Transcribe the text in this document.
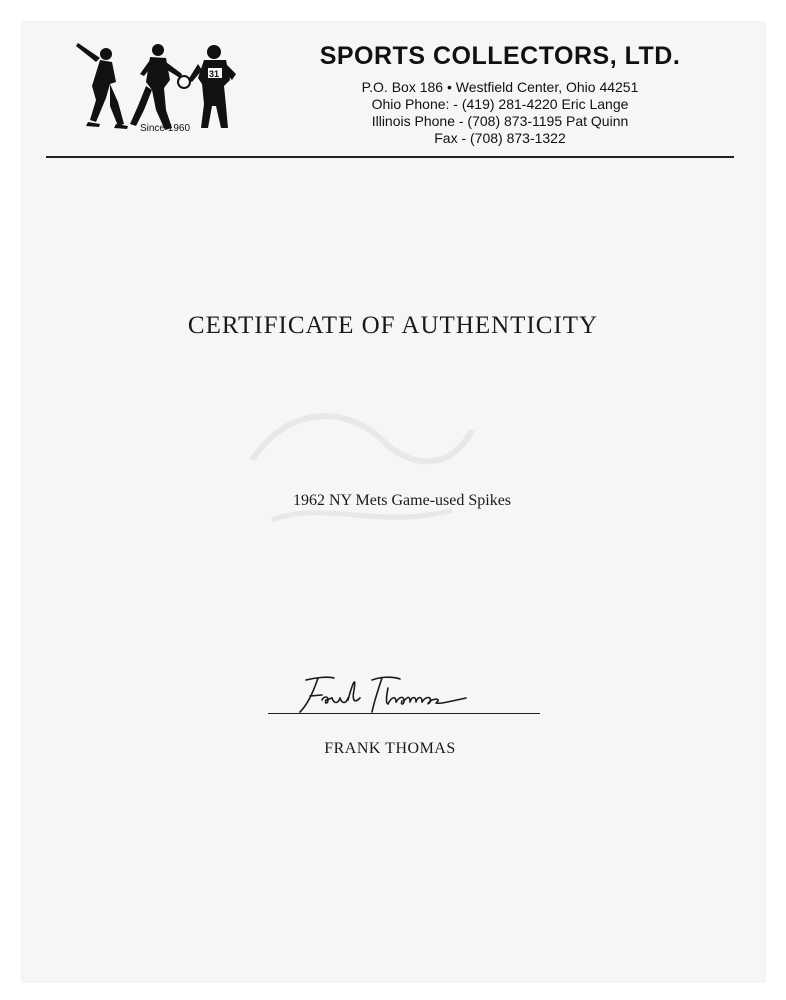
31
Since 1960
SPORTS COLLECTORS, LTD.
P.O. Box 186 • Westfield Center, Ohio 44251
Ohio Phone: - (419) 281-4220 Eric Lange
Illinois Phone - (708) 873-1195 Pat Quinn
Fax - (708) 873-1322
CERTIFICATE OF AUTHENTICITY
1962 NY Mets Game-used Spikes
FRANK THOMAS
